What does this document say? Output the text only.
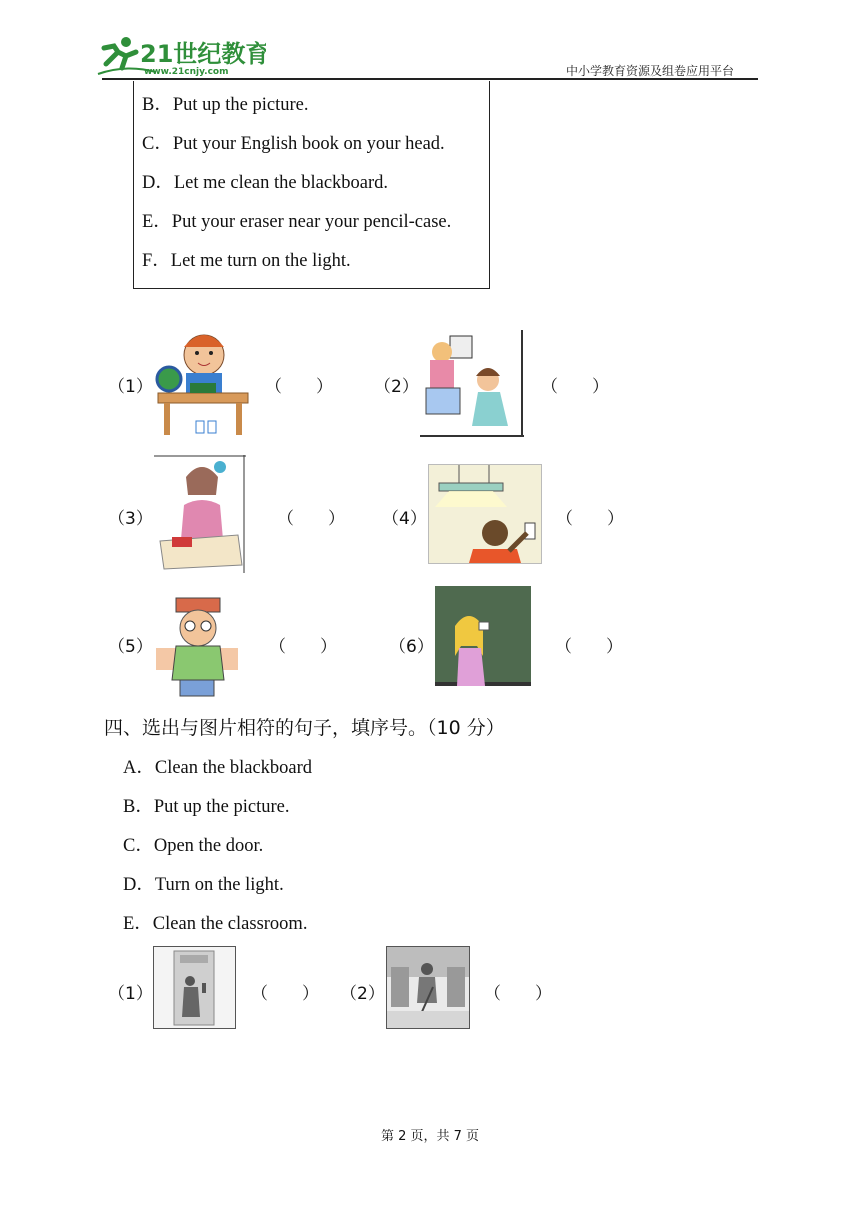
21世纪教育
www.21cnjy.com	中小学教育资源及组卷应用平台
B．Put up the picture.
C．Put your English book on your head.
D．Let me clean the blackboard.
E．Put your eraser near your pencil-case.
F．Let me turn on the light.
（1）	（　　） （2）	（　　）
（3）	（　　） （4）	（　　）
（5）	（　　）	（6）	（　　）
四、选出与图片相符的句子，填序号。（10 分）
A．Clean the blackboard
B．Put up the picture.
C．Open the door.
D．Turn on the light.
E．Clean the classroom.
（1）	（　　） （2）	（　　）
第 2 页，共 7 页
